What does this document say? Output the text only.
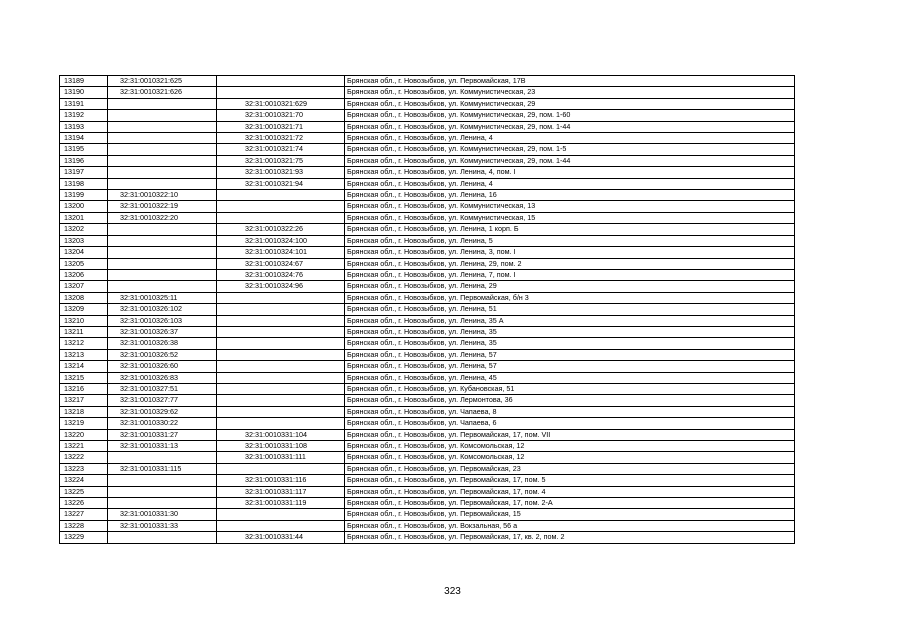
13189	32:31:0010321:625		Брянская обл., г. Новозыбков, ул. Первомайская, 17В
13190	32:31:0010321:626		Брянская обл., г. Новозыбков, ул. Коммунистическая, 23
13191		32:31:0010321:629	Брянская обл., г. Новозыбков, ул. Коммунистическая, 29
13192		32:31:0010321:70	Брянская обл., г. Новозыбков, ул. Коммунистическая, 29, пом. 1-60
13193		32:31:0010321:71	Брянская обл., г. Новозыбков, ул. Коммунистическая, 29, пом. 1-44
13194		32:31:0010321:72	Брянская обл., г. Новозыбков, ул. Ленина, 4
13195		32:31:0010321:74	Брянская обл., г. Новозыбков, ул. Коммунистическая, 29, пом. 1-5
13196		32:31:0010321:75	Брянская обл., г. Новозыбков, ул. Коммунистическая, 29, пом. 1-44
13197		32:31:0010321:93	Брянская обл., г. Новозыбков, ул. Ленина, 4, пом. I
13198		32:31:0010321:94	Брянская обл., г. Новозыбков, ул. Ленина, 4
13199	32:31:0010322:10		Брянская обл., г. Новозыбков, ул. Ленина, 16
13200	32:31:0010322:19		Брянская обл., г. Новозыбков, ул. Коммунистическая, 13
13201	32:31:0010322:20		Брянская обл., г. Новозыбков, ул. Коммунистическая, 15
13202		32:31:0010322:26	Брянская обл., г. Новозыбков, ул. Ленина, 1 корп. Б
13203		32:31:0010324:100	Брянская обл., г. Новозыбков, ул. Ленина, 5
13204		32:31:0010324:101	Брянская обл., г. Новозыбков, ул. Ленина, 3, пом. I
13205		32:31:0010324:67	Брянская обл., г. Новозыбков, ул. Ленина, 29, пом. 2
13206		32:31:0010324:76	Брянская обл., г. Новозыбков, ул. Ленина, 7, пом. I
13207		32:31:0010324:96	Брянская обл., г. Новозыбков, ул. Ленина, 29
13208	32:31:0010325:11		Брянская обл., г. Новозыбков, ул. Первомайская, б/н 3
13209	32:31:0010326:102		Брянская обл., г. Новозыбков, ул. Ленина, 51
13210	32:31:0010326:103		Брянская обл., г. Новозыбков, ул. Ленина, 35 А
13211	32:31:0010326:37		Брянская обл., г. Новозыбков, ул. Ленина, 35
13212	32:31:0010326:38		Брянская обл., г. Новозыбков, ул. Ленина, 35
13213	32:31:0010326:52		Брянская обл., г. Новозыбков, ул. Ленина, 57
13214	32:31:0010326:60		Брянская обл., г. Новозыбков, ул. Ленина, 57
13215	32:31:0010326:83		Брянская обл., г. Новозыбков, ул. Ленина, 45
13216	32:31:0010327:51		Брянская обл., г. Новозыбков, ул. Кубановская, 51
13217	32:31:0010327:77		Брянская обл., г. Новозыбков, ул. Лермонтова, 36
13218	32:31:0010329:62		Брянская обл., г. Новозыбков, ул. Чапаева, 8
13219	32:31:0010330:22		Брянская обл., г. Новозыбков, ул. Чапаева, 6
13220	32:31:0010331:27	32:31:0010331:104	Брянская обл., г. Новозыбков, ул. Первомайская, 17, пом. VII
13221	32:31:0010331:13	32:31:0010331:108	Брянская обл., г. Новозыбков, ул. Комсомольская, 12
13222		32:31:0010331:111	Брянская обл., г. Новозыбков, ул. Комсомольская, 12
13223	32:31:0010331:115		Брянская обл., г. Новозыбков, ул. Первомайская, 23
13224		32:31:0010331:116	Брянская обл., г. Новозыбков, ул. Первомайская, 17, пом. 5
13225		32:31:0010331:117	Брянская обл., г. Новозыбков, ул. Первомайская, 17, пом. 4
13226		32:31:0010331:119	Брянская обл., г. Новозыбков, ул. Первомайская, 17, пом. 2-А
13227	32:31:0010331:30		Брянская обл., г. Новозыбков, ул. Первомайская, 15
13228	32:31:0010331:33		Брянская обл., г. Новозыбков, ул. Вокзальная, 56 а
13229		32:31:0010331:44	Брянская обл., г. Новозыбков, ул. Первомайская, 17, кв. 2, пом. 2
323
